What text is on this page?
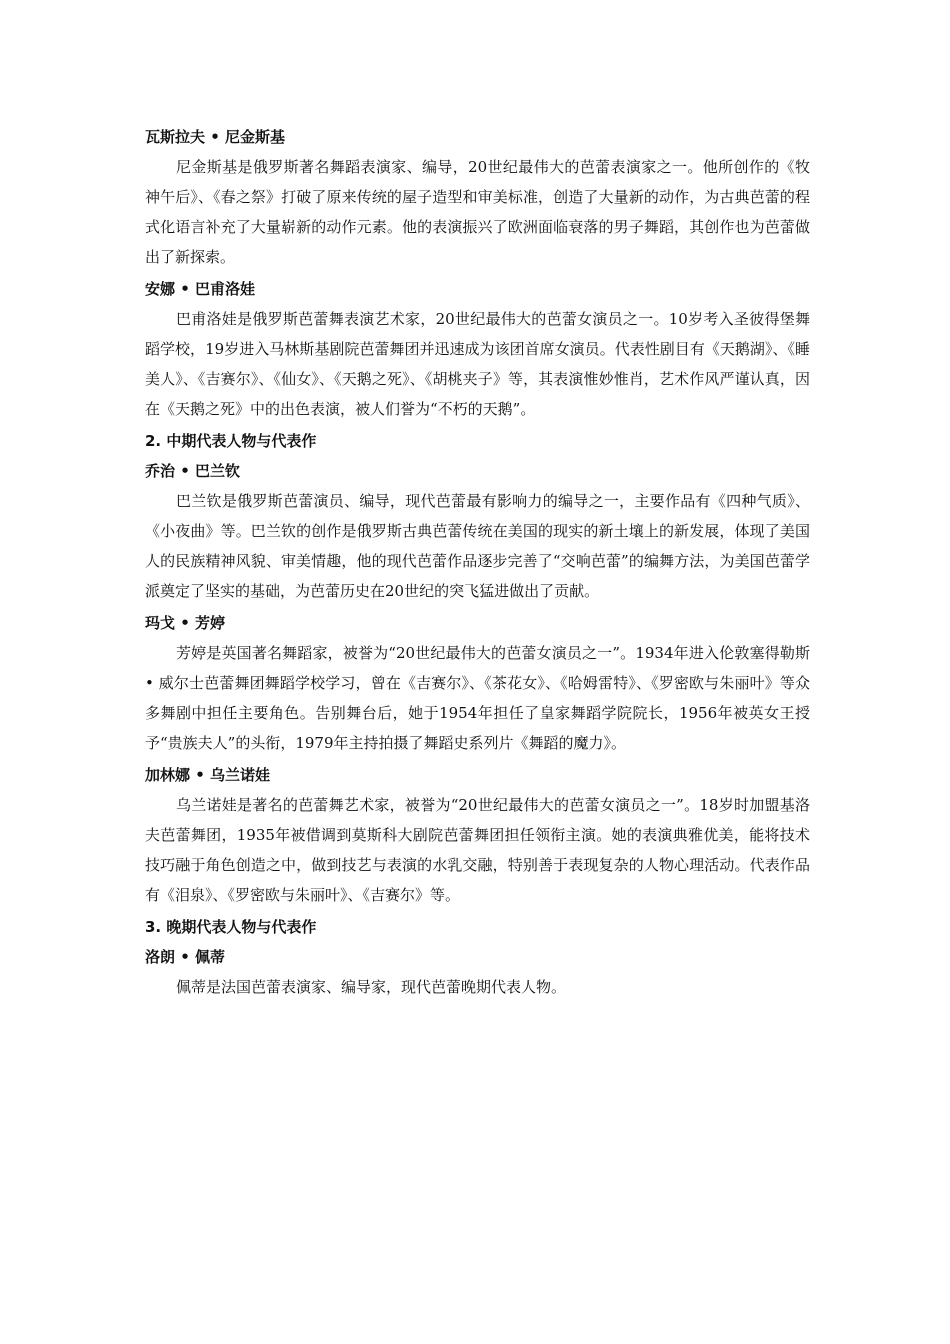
瓦斯拉夫 • 尼金斯基

尼金斯基是俄罗斯著名舞蹈表演家、编导，20世纪最伟大的芭蕾表演家之一。他所创作的《牧神午后》、《春之祭》打破了原来传统的屋子造型和审美标准，创造了大量新的动作，为古典芭蕾的程式化语言补充了大量崭新的动作元素。他的表演振兴了欧洲面临衰落的男子舞蹈，其创作也为芭蕾做出了新探索。

安娜 • 巴甫洛娃

巴甫洛娃是俄罗斯芭蕾舞表演艺术家，20世纪最伟大的芭蕾女演员之一。10岁考入圣彼得堡舞蹈学校，19岁进入马林斯基剧院芭蕾舞团并迅速成为该团首席女演员。代表性剧目有《天鹅湖》、《睡美人》、《吉赛尔》、《仙女》、《天鹅之死》、《胡桃夹子》等，其表演惟妙惟肖，艺术作风严谨认真，因在《天鹅之死》中的出色表演，被人们誉为“不朽的天鹅”。

2. 中期代表人物与代表作

乔治 • 巴兰钦

巴兰钦是俄罗斯芭蕾演员、编导，现代芭蕾最有影响力的编导之一，主要作品有《四种气质》、《小夜曲》等。巴兰钦的创作是俄罗斯古典芭蕾传统在美国的现实的新土壤上的新发展，体现了美国人的民族精神风貌、审美情趣，他的现代芭蕾作品逐步完善了“交响芭蕾”的编舞方法，为美国芭蕾学派奠定了坚实的基础，为芭蕾历史在20世纪的突飞猛进做出了贡献。

玛戈 • 芳婷

芳婷是英国著名舞蹈家，被誉为“20世纪最伟大的芭蕾女演员之一”。1934年进入伦敦塞得勒斯 • 威尔士芭蕾舞团舞蹈学校学习，曾在《吉赛尔》、《茶花女》、《哈姆雷特》、《罗密欧与朱丽叶》等众多舞剧中担任主要角色。告别舞台后，她于1954年担任了皇家舞蹈学院院长，1956年被英女王授予“贵族夫人”的头衔，1979年主持拍摄了舞蹈史系列片《舞蹈的魔力》。

加林娜 • 乌兰诺娃

乌兰诺娃是著名的芭蕾舞艺术家，被誉为“20世纪最伟大的芭蕾女演员之一”。18岁时加盟基洛夫芭蕾舞团，1935年被借调到莫斯科大剧院芭蕾舞团担任领衔主演。她的表演典雅优美，能将技术技巧融于角色创造之中，做到技艺与表演的水乳交融，特别善于表现复杂的人物心理活动。代表作品有《泪泉》、《罗密欧与朱丽叶》、《吉赛尔》等。

3. 晚期代表人物与代表作

洛朗 • 佩蒂

佩蒂是法国芭蕾表演家、编导家，现代芭蕾晚期代表人物。
